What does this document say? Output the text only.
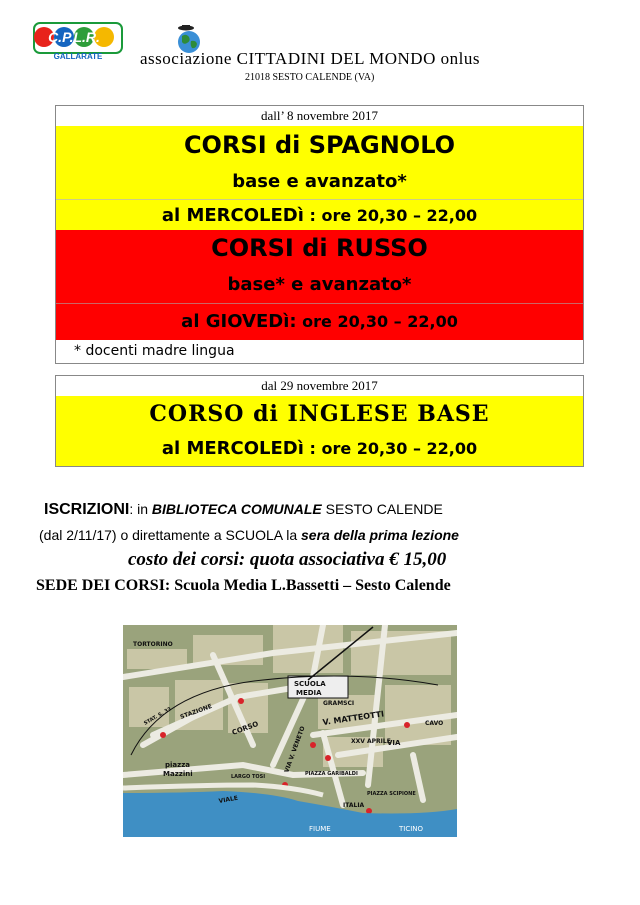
C.P.L.R.
GALLARATE associazione CITTADINI DEL MONDO onlus
21018 SESTO CALENDE (VA)
dall’ 8 novembre 2017
CORSI di SPAGNOLO
base e avanzato*
al MERCOLEDì : ore 20,30 – 22,00
CORSI di RUSSO
base* e avanzato*
al GIOVEDì: ore 20,30 – 22,00
* docenti madre lingua
dal 29 novembre 2017
CORSO di INGLESE BASE
al MERCOLEDì : ore 20,30 – 22,00
ISCRIZIONI: in BIBLIOTECA COMUNALE SESTO CALENDE
(dal 2/11/17) o direttamente a SCUOLA la sera della prima lezione
costo dei corsi: quota associativa € 15,00
SEDE DEI CORSI: Scuola Media L.Bassetti – Sesto Calende
SCUOLA
MEDIA
TORTORINO
STAZIONE
CORSO
V. MATTEOTTI
GRAMSCI
XXV APRILE
VIA
VIA V. VENETO
piazza
Mazzini	LARGO TOSI	PIAZZA GARIBALDI
PIAZZA SCIPIONE
ITALIA
CAVO
STAT. S. 33
VIALE
FIUME	TICINO
